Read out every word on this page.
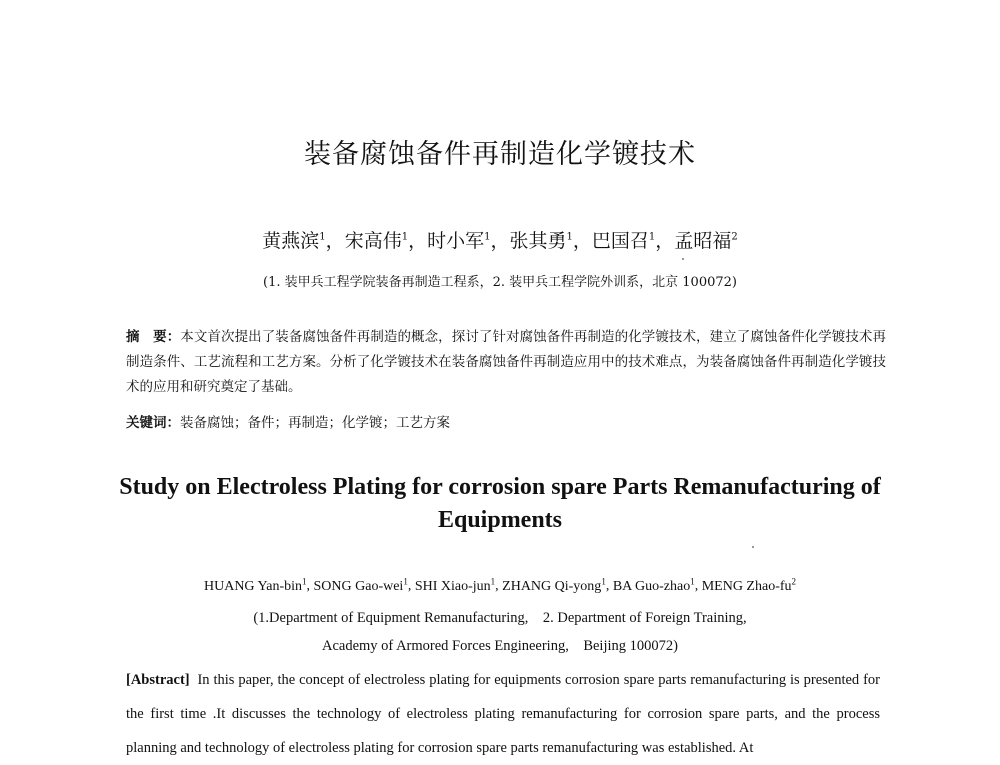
装备腐蚀备件再制造化学镀技术
黄燕滨$^1$，宋高伟$^1$，时小军$^1$，张其勇$^1$，巴国召$^1$，孟昭福$^2$
(1. 装甲兵工程学院装备再制造工程系，2. 装甲兵工程学院外训系，北京 100072)
摘　要：本文首次提出了装备腐蚀备件再制造的概念，探讨了针对腐蚀备件再制造的化学镀技术，建立了腐蚀备件化学镀技术再制造条件、工艺流程和工艺方案。分析了化学镀技术在装备腐蚀备件再制造应用中的技术难点，为装备腐蚀备件再制造化学镀技术的应用和研究奠定了基础。
关键词：装备腐蚀；备件；再制造；化学镀；工艺方案
Study on Electroless Plating for corrosion spare Parts Remanufacturing of Equipments
HUANG Yan-bin$^1$, SONG Gao-wei$^1$, SHI Xiao-jun$^1$, ZHANG Qi-yong$^1$, BA Guo-zhao$^1$, MENG Zhao-$fu^2$
(1.Department of Equipment Remanufacturing,　2. Department of Foreign Training,
Academy of Armored Forces Engineering,　Beijing 100072)
[Abstract] In this paper, the concept of electroless plating for equipments corrosion spare parts remanufacturing is presented for the first time .It discusses the technology of electroless plating remanufacturing for corrosion spare parts, and the process planning and technology of electroless plating for corrosion spare parts remanufacturing was established. At
